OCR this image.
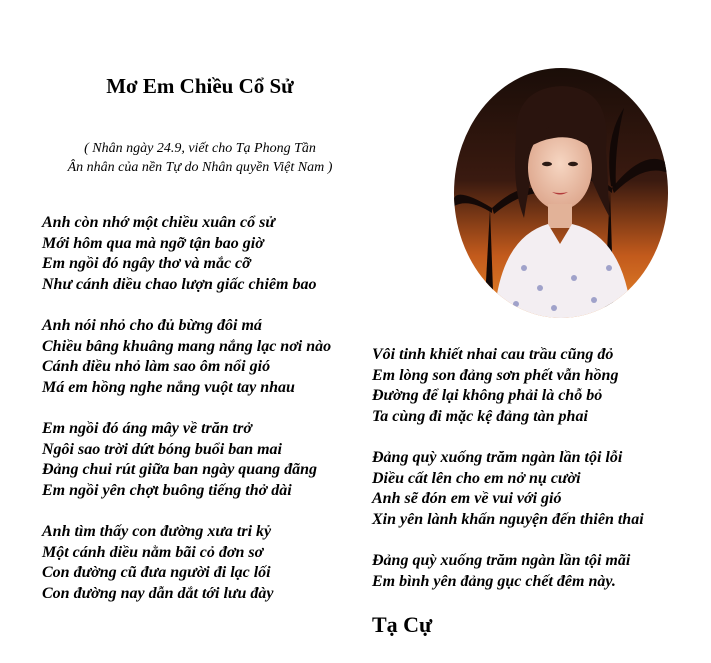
Mơ Em Chiều Cổ Sử
( Nhân ngày 24.9, viết cho Tạ Phong Tần
Ân nhân của nền Tự do Nhân quyền Việt Nam )
Anh còn nhớ một chiều xuân cổ sử
Mới hôm qua mà ngỡ tận bao giờ
Em ngồi đó ngây thơ và mắc cỡ
Như cánh diều chao lượn giấc chiêm bao
Anh nói nhỏ cho đủ bừng đôi má
Chiều bâng khuâng mang nắng lạc nơi nào
Cánh diều nhỏ làm sao ôm nổi gió
Má em hồng nghe nắng vuột tay nhau
Em ngồi đó áng mây về trăn trở
Ngôi sao trời dứt bóng buổi ban mai
Đảng chui rút giữa ban ngày quang đãng
Em ngồi yên chợt buông tiếng thở dài
Anh tìm thấy con đường xưa tri kỷ
Một cánh diều nằm bãi cỏ đơn sơ
Con đường cũ đưa người đi lạc lối
Con đường nay dẫn dắt tới lưu đày
Vôi tinh khiết nhai cau trầu cũng đỏ
Em lòng son đảng sơn phết vẫn hồng
Đường để lại không phải là chỗ bỏ
Ta cùng đi mặc kệ đảng tàn phai
Đảng quỳ xuống trăm ngàn lần tội lỗi
Diều cất lên cho em nở nụ cười
Anh sẽ đón em về vui với gió
Xin yên lành khấn nguyện đến thiên thai
Đảng quỳ xuống trăm ngàn lần tội mãi
Em bình yên đảng gục chết đêm này.
Tạ Cự
